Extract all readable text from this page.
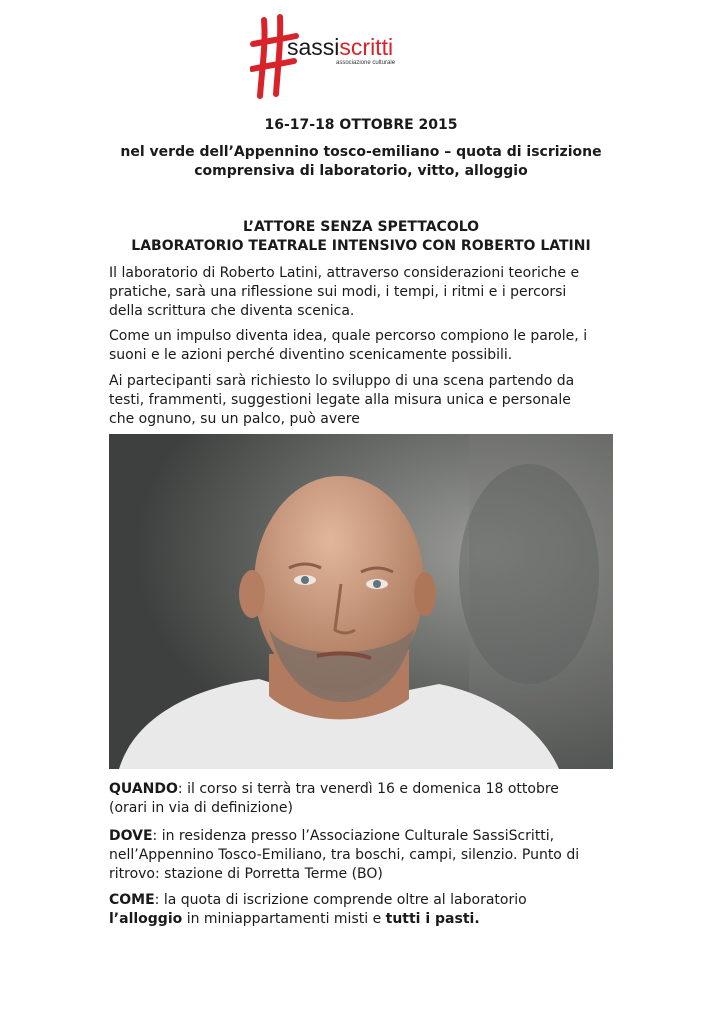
sassiscritti
associazione culturale
16-17-18 OTTOBRE 2015
nel verde dell’Appennino tosco-emiliano – quota di iscrizione
comprensiva di laboratorio, vitto, alloggio
L’ATTORE SENZA SPETTACOLO
LABORATORIO TEATRALE INTENSIVO CON ROBERTO LATINI
Il laboratorio di Roberto Latini, attraverso considerazioni teoriche e
pratiche, sarà una riflessione sui modi, i tempi, i ritmi e i percorsi
della scrittura che diventa scenica.
Come un impulso diventa idea, quale percorso compiono le parole, i
suoni e le azioni perché diventino scenicamente possibili.
Ai partecipanti sarà richiesto lo sviluppo di una scena partendo da
testi, frammenti, suggestioni legate alla misura unica e personale
che ognuno, su un palco, può avere
QUANDO: il corso si terrà tra venerdì 16 e domenica 18 ottobre
(orari in via di definizione)
DOVE: in residenza presso l’Associazione Culturale SassiScritti,
nell’Appennino Tosco-Emiliano, tra boschi, campi, silenzio. Punto di
ritrovo: stazione di Porretta Terme (BO)
COME: la quota di iscrizione comprende oltre al laboratorio
l’alloggio in miniappartamenti misti e tutti i pasti.
